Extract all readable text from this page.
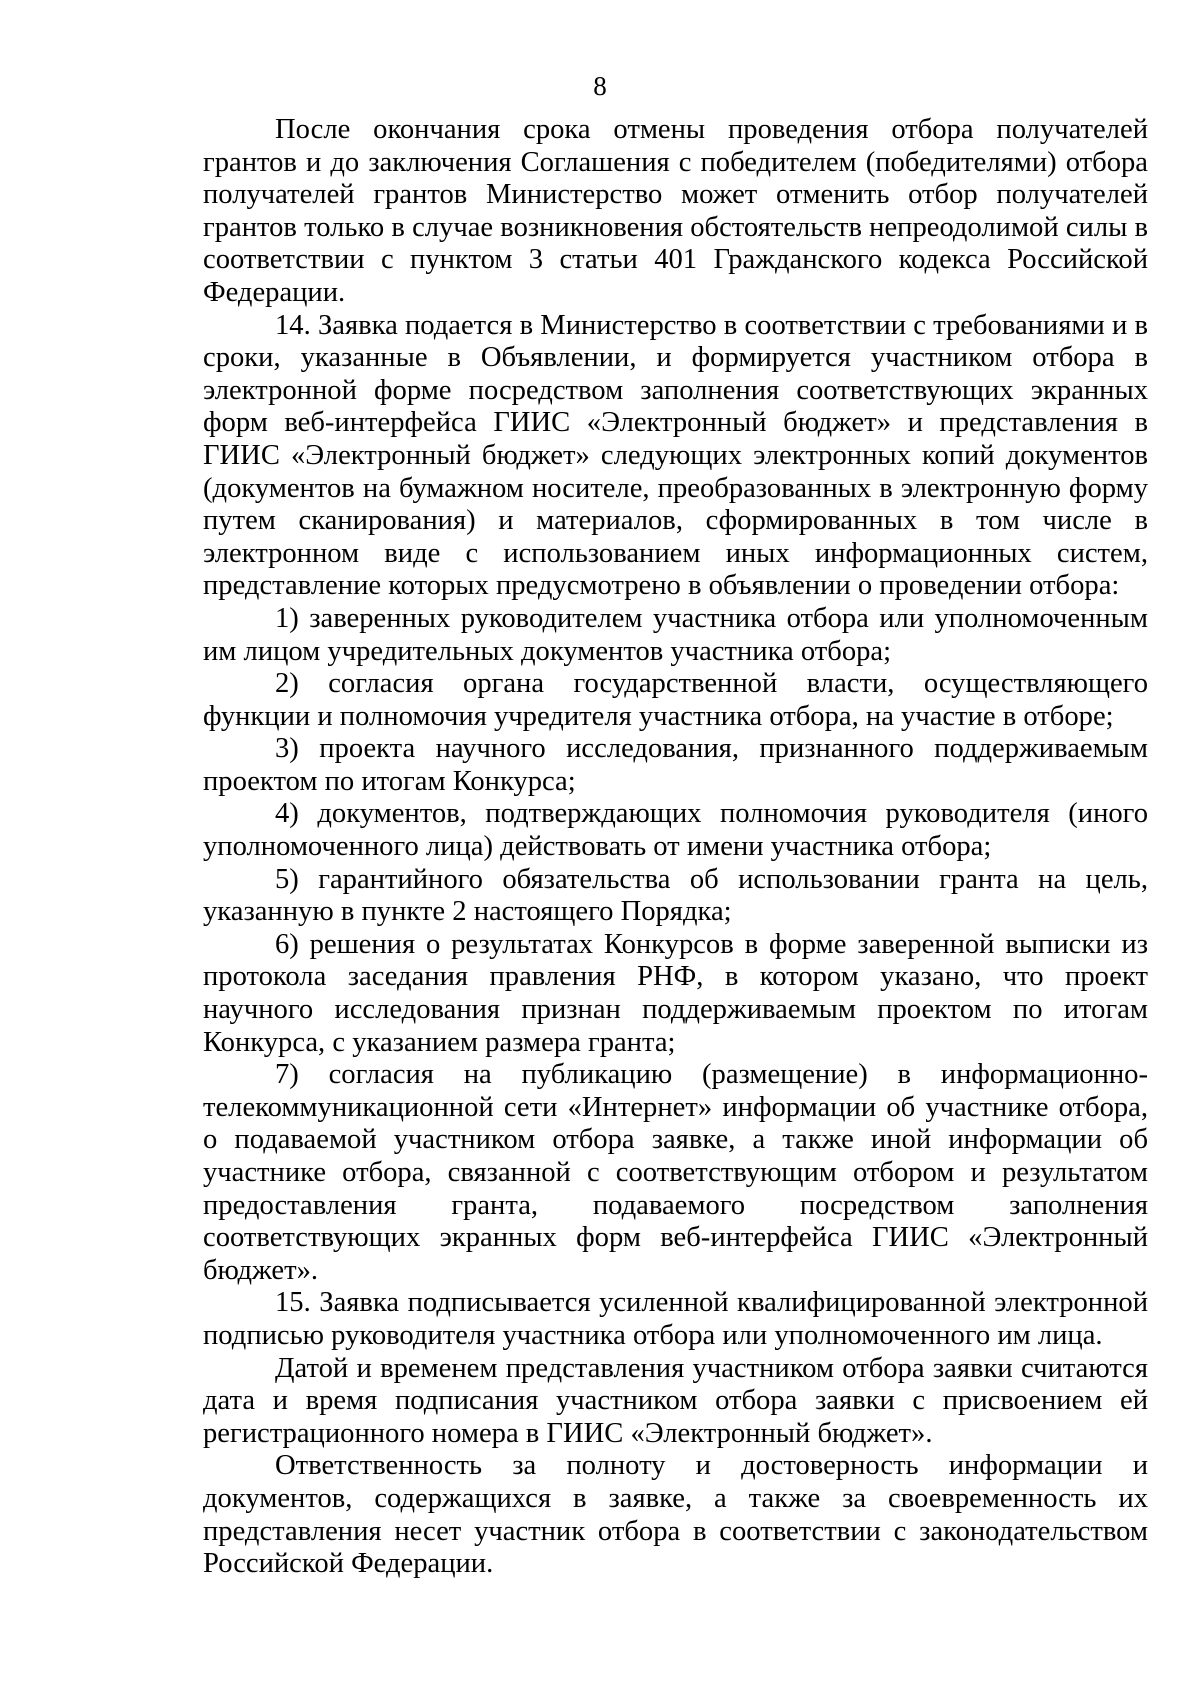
8

После окончания срока отмены проведения отбора получателей грантов и до заключения Соглашения с победителем (победителями) отбора получателей грантов Министерство может отменить отбор получателей грантов только в случае возникновения обстоятельств непреодолимой силы в соответствии с пунктом 3 статьи 401 Гражданского кодекса Российской Федерации.

14. Заявка подается в Министерство в соответствии с требованиями и в сроки, указанные в Объявлении, и формируется участником отбора в электронной форме посредством заполнения соответствующих экранных форм веб-интерфейса ГИИС «Электронный бюджет» и представления в ГИИС «Электронный бюджет» следующих электронных копий документов (документов на бумажном носителе, преобразованных в электронную форму путем сканирования) и материалов, сформированных в том числе в электронном виде с использованием иных информационных систем, представление которых предусмотрено в объявлении о проведении отбора:

1) заверенных руководителем участника отбора или уполномоченным им лицом учредительных документов участника отбора;

2) согласия органа государственной власти, осуществляющего функции и полномочия учредителя участника отбора, на участие в отборе;

3) проекта научного исследования, признанного поддерживаемым проектом по итогам Конкурса;

4) документов, подтверждающих полномочия руководителя (иного уполномоченного лица) действовать от имени участника отбора;

5) гарантийного обязательства об использовании гранта на цель, указанную в пункте 2 настоящего Порядка;

6) решения о результатах Конкурсов в форме заверенной выписки из протокола заседания правления РНФ, в котором указано, что проект научного исследования признан поддерживаемым проектом по итогам Конкурса, с указанием размера гранта;

7) согласия на публикацию (размещение) в информационно-телекоммуникационной сети «Интернет» информации об участнике отбора, о подаваемой участником отбора заявке, а также иной информации об участнике отбора, связанной с соответствующим отбором и результатом предоставления гранта, подаваемого посредством заполнения соответствующих экранных форм веб-интерфейса ГИИС «Электронный бюджет».

15. Заявка подписывается усиленной квалифицированной электронной подписью руководителя участника отбора или уполномоченного им лица.

Датой и временем представления участником отбора заявки считаются дата и время подписания участником отбора заявки с присвоением ей регистрационного номера в ГИИС «Электронный бюджет».

Ответственность за полноту и достоверность информации и документов, содержащихся в заявке, а также за своевременность их представления несет участник отбора в соответствии с законодательством Российской Федерации.
